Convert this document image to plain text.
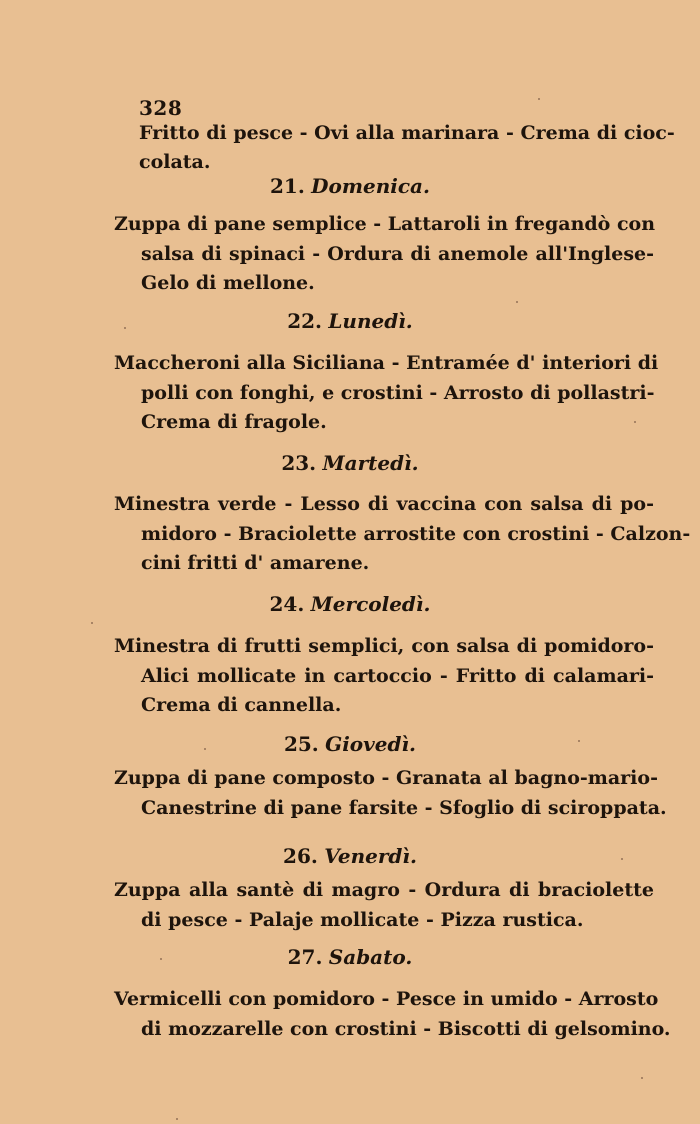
328
Fritto di pesce - Ovi alla marinara - Crema di cioc-
colata.
21. Domenica.
Zuppa di pane semplice - Lattaroli in fregandò con
salsa di spinaci - Ordura di anemole all'Inglese-
Gelo di mellone.
22. Lunedì.
Maccheroni alla Siciliana - Entramée d' interiori di
polli con fonghi, e crostini - Arrosto di pollastri-
Crema di fragole.
23. Martedì.
Minestra verde - Lesso di vaccina con salsa di po-
midoro - Braciolette arrostite con crostini - Calzon-
cini fritti d' amarene.
24. Mercoledì.
Minestra di frutti semplici, con salsa di pomidoro-
Alici mollicate in cartoccio - Fritto di calamari-
Crema di cannella.
25. Giovedì.
Zuppa di pane composto - Granata al bagno-mario-
Canestrine di pane farsite - Sfoglio di sciroppata.
26. Venerdì.
Zuppa alla santè di magro - Ordura di braciolette
di pesce - Palaje mollicate - Pizza rustica.
27. Sabato.
Vermicelli con pomidoro - Pesce in umido - Arrosto
di mozzarelle con crostini - Biscotti di gelsomino.
